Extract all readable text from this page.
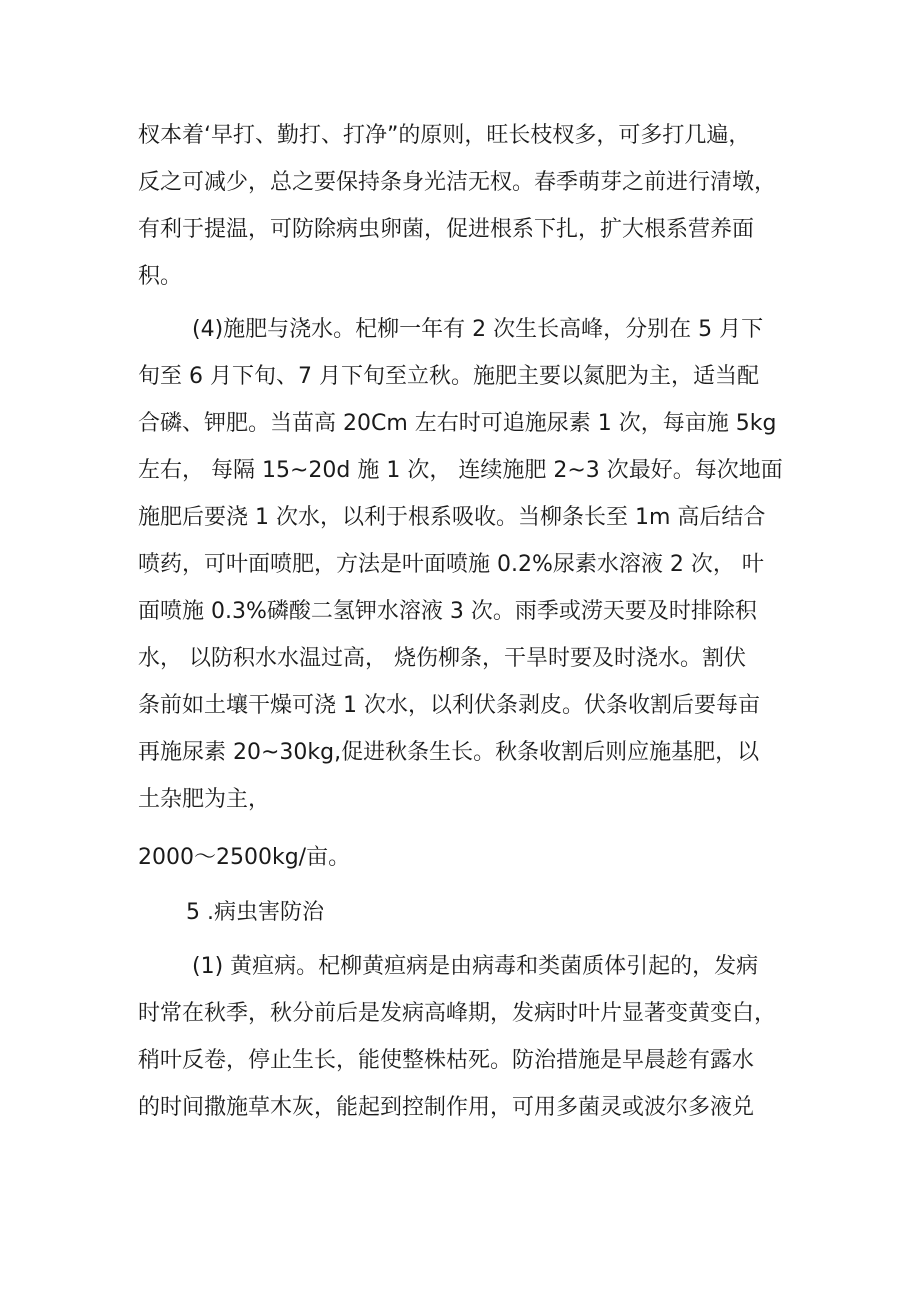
杈本着‘早打、勤打、打净”的原则，旺长枝杈多，可多打几遍，
反之可减少，总之要保持条身光洁无杈。春季萌芽之前进行清墩，
有利于提温，可防除病虫卵菌，促进根系下扎，扩大根系营养面
积。
(4)施肥与浇水。杞柳一年有 2 次生长高峰，分别在 5 月下
旬至 6 月下旬、7 月下旬至立秋。施肥主要以氮肥为主，适当配
合磷、钾肥。当苗高 20Cm 左右时可追施尿素 1 次，每亩施 5kg
左右， 每隔 15~20d 施 1 次， 连续施肥 2~3 次最好。每次地面
施肥后要浇 1 次水，以利于根系吸收。当柳条长至 1m 高后结合
喷药，可叶面喷肥，方法是叶面喷施 0.2%尿素水溶液 2 次， 叶
面喷施 0.3%磷酸二氢钾水溶液 3 次。雨季或涝天要及时排除积
水， 以防积水水温过高， 烧伤柳条，干旱时要及时浇水。割伏
条前如土壤干燥可浇 1 次水，以利伏条剥皮。伏条收割后要每亩
再施尿素 20~30kg,促进秋条生长。秋条收割后则应施基肥，以
土杂肥为主，
2000～2500kg/亩。
5 .病虫害防治
(1) 黄疸病。杞柳黄疸病是由病毒和类菌质体引起的，发病
时常在秋季，秋分前后是发病高峰期，发病时叶片显著变黄变白，
稍叶反卷，停止生长，能使整株枯死。防治措施是早晨趁有露水
的时间撒施草木灰，能起到控制作用，可用多菌灵或波尔多液兑
